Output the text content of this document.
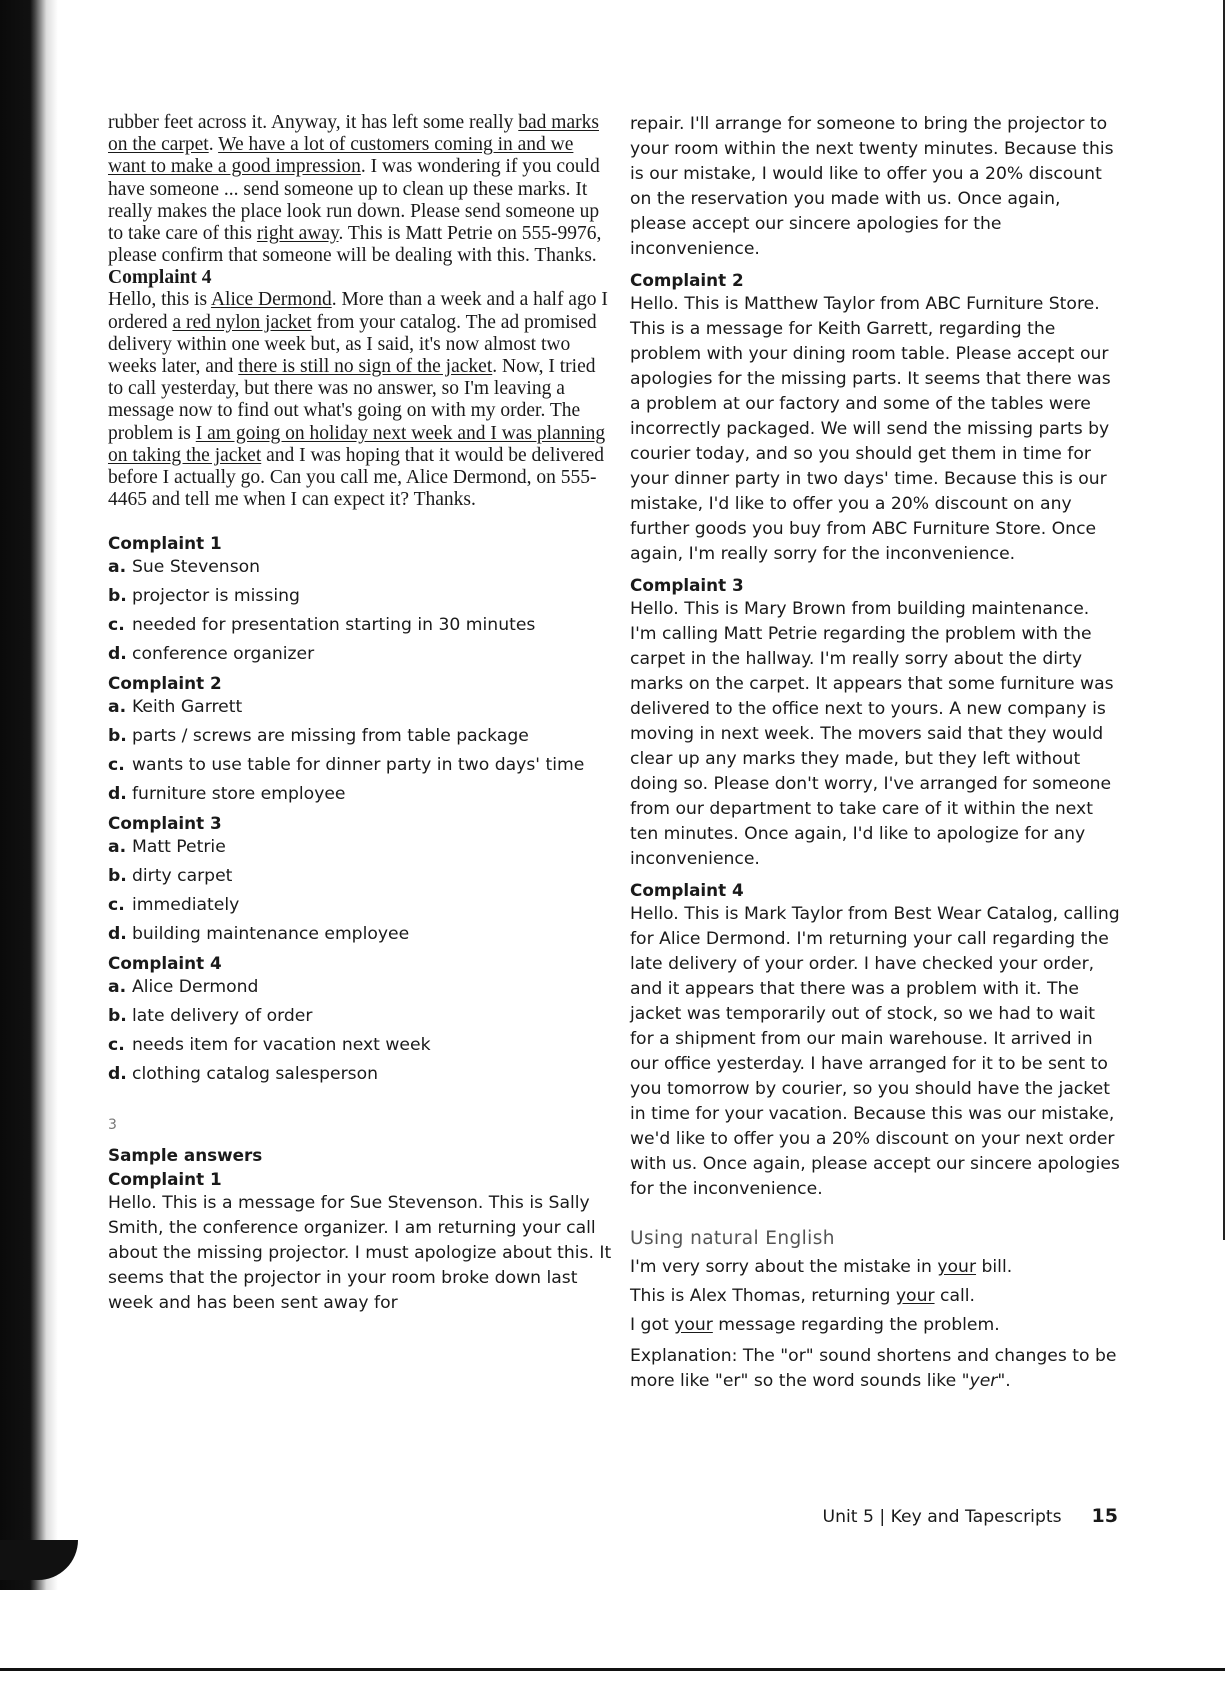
rubber feet across it. Anyway, it has left some really bad marks on the carpet. We have a lot of customers coming in and we want to make a good impression. I was wondering if you could have someone ... send someone up to clean up these marks. It really makes the place look run down. Please send someone up to take care of this right away. This is Matt Petrie on 555-9976, please confirm that someone will be dealing with this. Thanks.

Complaint 4

Hello, this is Alice Dermond. More than a week and a half ago I ordered a red nylon jacket from your catalog. The ad promised delivery within one week but, as I said, it's now almost two weeks later, and there is still no sign of the jacket. Now, I tried to call yesterday, but there was no answer, so I'm leaving a message now to find out what's going on with my order. The problem is I am going on holiday next week and I was planning on taking the jacket and I was hoping that it would be delivered before I actually go. Can you call me, Alice Dermond, on 555-4465 and tell me when I can expect it? Thanks.

Complaint 1

a. Sue Stevenson
b. projector is missing
c. needed for presentation starting in 30 minutes
d. conference organizer

Complaint 2

a. Keith Garrett
b. parts / screws are missing from table package
c. wants to use table for dinner party in two days' time
d. furniture store employee

Complaint 3

a. Matt Petrie
b. dirty carpet
c. immediately
d. building maintenance employee

Complaint 4

a. Alice Dermond
b. late delivery of order
c. needs item for vacation next week
d. clothing catalog salesperson
3

Sample answers

Complaint 1

Hello. This is a message for Sue Stevenson. This is Sally Smith, the conference organizer. I am returning your call about the missing projector. I must apologize about this. It seems that the projector in your room broke down last week and has been sent away for

repair. I'll arrange for someone to bring the projector to your room within the next twenty minutes. Because this is our mistake, I would like to offer you a 20% discount on the reservation you made with us. Once again, please accept our sincere apologies for the inconvenience.

Complaint 2

Hello. This is Matthew Taylor from ABC Furniture Store. This is a message for Keith Garrett, regarding the problem with your dining room table. Please accept our apologies for the missing parts. It seems that there was a problem at our factory and some of the tables were incorrectly packaged. We will send the missing parts by courier today, and so you should get them in time for your dinner party in two days' time. Because this is our mistake, I'd like to offer you a 20% discount on any further goods you buy from ABC Furniture Store. Once again, I'm really sorry for the inconvenience.

Complaint 3

Hello. This is Mary Brown from building maintenance. I'm calling Matt Petrie regarding the problem with the carpet in the hallway. I'm really sorry about the dirty marks on the carpet. It appears that some furniture was delivered to the office next to yours. A new company is moving in next week. The movers said that they would clear up any marks they made, but they left without doing so. Please don't worry, I've arranged for someone from our department to take care of it within the next ten minutes. Once again, I'd like to apologize for any inconvenience.

Complaint 4

Hello. This is Mark Taylor from Best Wear Catalog, calling for Alice Dermond. I'm returning your call regarding the late delivery of your order. I have checked your order, and it appears that there was a problem with it. The jacket was temporarily out of stock, so we had to wait for a shipment from our main warehouse. It arrived in our office yesterday. I have arranged for it to be sent to you tomorrow by courier, so you should have the jacket in time for your vacation. Because this was our mistake, we'd like to offer you a 20% discount on your next order with us. Once again, please accept our sincere apologies for the inconvenience.

Using natural English

I'm very sorry about the mistake in your bill.

This is Alex Thomas, returning your call.

I got your message regarding the problem.

Explanation: The "or" sound shortens and changes to be more like "er" so the word sounds like "yer".

Unit 5 | Key and Tapescripts 15
